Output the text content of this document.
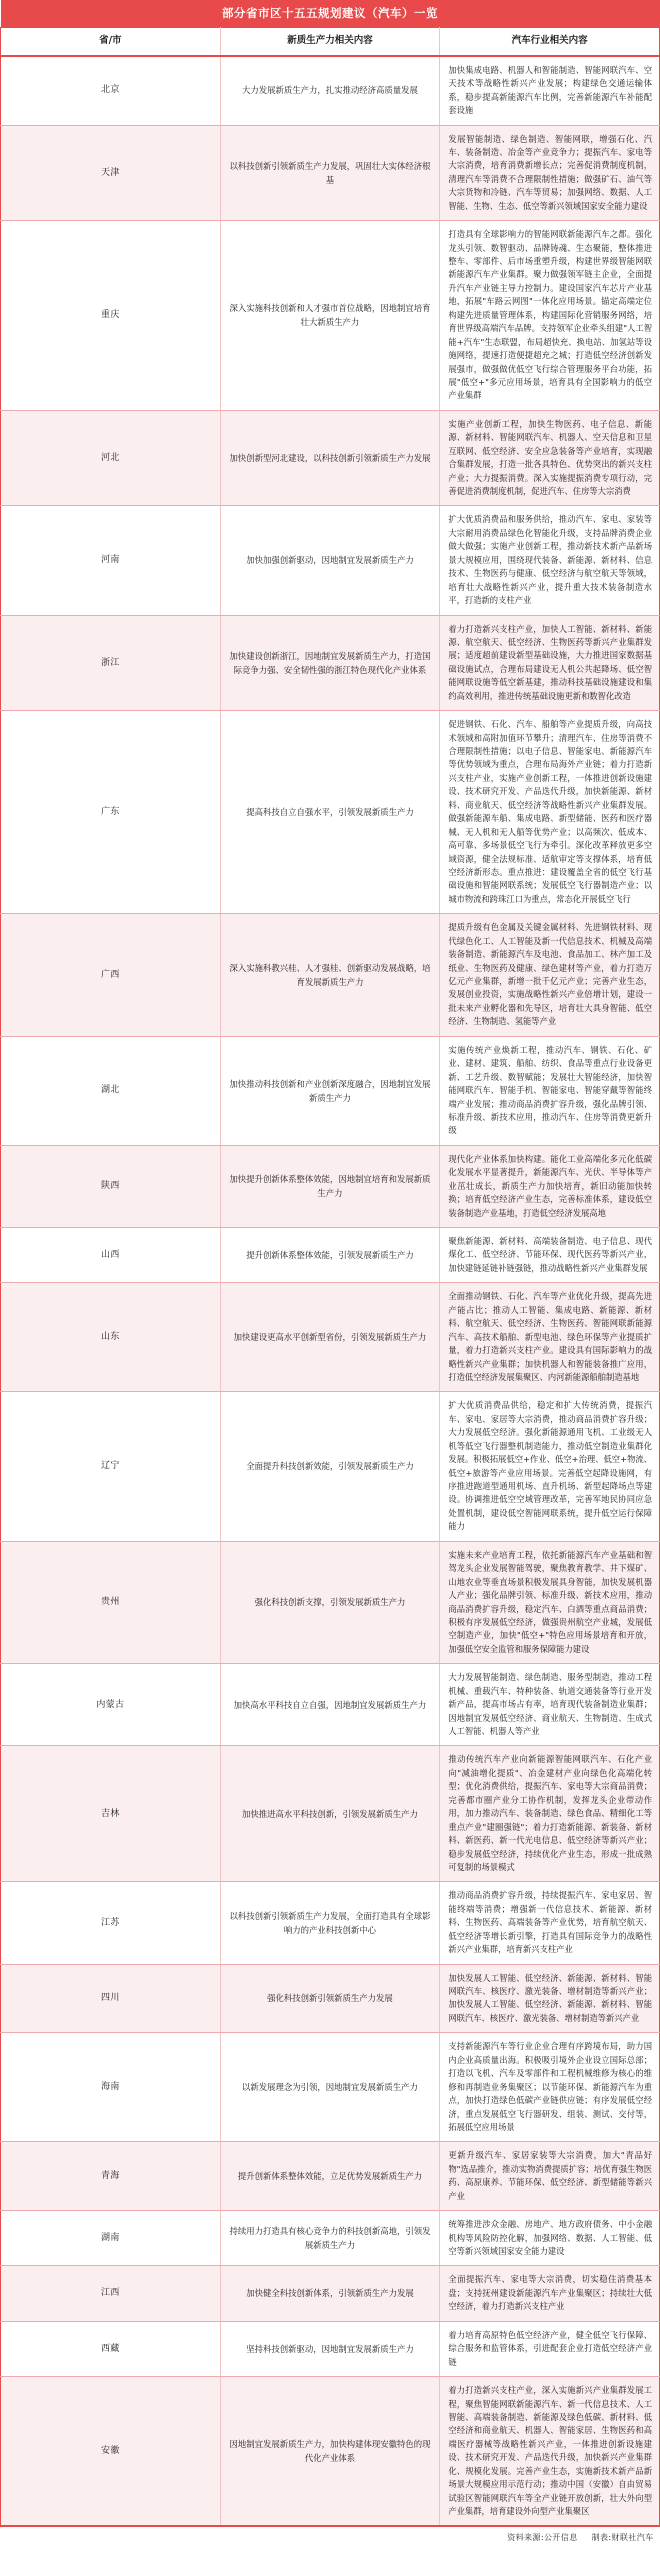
部分省市区十五五规划建议（汽车）一览		
省/市	新质生产力相关内容	汽车行业相关内容
北京	大力发展新质生产力，扎实推动经济高质量发展	加快集成电路、机器人和智能制造、智能网联汽车、空天技术等战略性新兴产业发展；构建绿色交通运输体系，稳步提高新能源汽车比例，完善新能源汽车补能配套设施
天津	以科技创新引领新质生产力发展，巩固壮大实体经济根基	发展智能制造、绿色制造、智能网联，增强石化、汽车、装备制造、冶金等产业竞争力；提振汽车、家电等大宗消费，培育消费新增长点；完善促消费制度机制，清理汽车等消费不合理限制性措施；做强矿石、油气等大宗货物和冷链、汽车等贸易；加强网络、数据、人工智能、生物、生态、低空等新兴领域国家安全能力建设
重庆	深入实施科技创新和人才强市首位战略，因地制宜培育壮大新质生产力	打造具有全球影响力的智能网联新能源汽车之都。强化龙头引领、数智驱动、品牌铸魂、生态聚能，整体推进整车、零部件、后市场重塑升级，构建世界级智能网联新能源汽车产业集群。聚力做强领军链主企业，全面提升汽车产业链主导力控制力。建设国家汽车芯片产业基地，拓展"车路云网图"一体化应用场景。锚定高端定位构建先进质量管理体系，构建国际化营销服务网络，培育世界级高端汽车品牌。支持领军企业牵头组建"人工智能+汽车"生态联盟，布局超快充、换电站、加氢站等设施网络，提速打造便捷超充之城；打造低空经济创新发展强市，做强做优低空飞行综合管理服务平台功能，拓展"低空+"多元应用场景，培育具有全国影响力的低空产业集群
河北	加快创新型河北建设，以科技创新引领新质生产力发展	实施产业创新工程，加快生物医药、电子信息、新能源、新材料、智能网联汽车、机器人、空天信息和卫星互联网、低空经济、安全应急装备等产业培育，实现融合集群发展，打造一批各具特色、优势突出的新兴支柱产业；大力提振消费。深入实施提振消费专项行动，完善促进消费制度机制，促进汽车、住房等大宗消费
河南	加快加强创新驱动，因地制宜发展新质生产力	扩大优质消费品和服务供给，推动汽车、家电、家装等大宗耐用消费品绿色化智能化升级，支持品牌消费企业做大做强；实施产业创新工程，推动新技术新产品新场景大规模应用，围绕现代装备、新能源、新材料、信息技术、生物医药与健康、低空经济与航空航天等领域，培育壮大战略性新兴产业，提升重大技术装备制造水平，打造新的支柱产业
浙江	加快建设创新浙江，因地制宜发展新质生产力，打造国际竞争力强、安全韧性强的浙江特色现代化产业体系	着力打造新兴支柱产业，加快人工智能、新材料、新能源、航空航天、低空经济、生物医药等新兴产业集群发展；适度超前建设新型基础设施，大力推进国家数据基础设施试点，合理布局建设无人机公共起降场、低空智能网联设施等低空新基建，推动科技基础设施建设和集约高效利用，推进传统基础设施更新和数智化改造
广东	提高科技自立自强水平，引领发展新质生产力	促进钢铁、石化、汽车、船舶等产业提质升级，向高技术领域和高附加值环节攀升；清理汽车、住房等消费不合理限制性措施；以电子信息、智能家电、新能源汽车等优势领域为重点，合理布局海外产业链；着力打造新兴支柱产业，实施产业创新工程，一体推进创新设施建设、技术研究开发、产品迭代升级，加快新能源、新材料、商业航天、低空经济等战略性新兴产业集群发展。做强新能源车船、集成电路、新型储能、医药和医疗器械、无人机和无人船等优势产业；以高频次、低成本、高可靠、多场景低空飞行为牵引。深化改革释放更多空域资源，健全法规标准、适航审定等支撑体系，培育低空经济新形态。重点推进：建设覆盖全省的低空飞行基础设施和智能网联系统；发展低空飞行器制造产业；以城市物流和跨珠江口为重点，常态化开展低空飞行
广西	深入实施科教兴桂、人才强桂、创新驱动发展战略，培育发展新质生产力	提质升级有色金属及关键金属材料、先进钢铁材料、现代绿色化工、人工智能及新一代信息技术、机械及高端装备制造、新能源汽车及电池、食品加工、林产加工及纸业、生物医药及健康、绿色建材等产业，着力打造万亿元产业集群，新增一批千亿元产业；完善产业生态，发展创业投资，实施战略性新兴产业倍增计划，建设一批未来产业孵化器和先导区，培育壮大具身智能、低空经济、生物制造、氢能等产业
湖北	加快推动科技创新和产业创新深度融合，因地制宜发展新质生产力	实施传统产业焕新工程，推动汽车、钢铁、石化、矿业、建材、建筑、船舶、纺织、食品等重点行业设备更新、工艺升级、数智赋能；发展壮大智能经济，加快智能网联汽车、智能手机、智能家电、智能穿戴等智能终端产业发展；推动商品消费扩容升级，强化品牌引领、标准升级、新技术应用，推动汽车、住房等消费更新升级
陕西	加快提升创新体系整体效能，因地制宜培育和发展新质生产力	现代化产业体系加快构建。能化工业高端化多元化低碳化发展水平显著提升，新能源汽车、光伏、半导体等产业茁壮成长，新质生产力加快培育，新旧动能加快转换；培育低空经济产业生态，完善标准体系，建设低空装备制造产业基地，打造低空经济发展高地
山西	提升创新体系整体效能，引领发展新质生产力	聚焦新能源、新材料、高端装备制造、电子信息、现代煤化工、低空经济、节能环保、现代医药等新兴产业，加快建链延链补链强链，推动战略性新兴产业集群发展
山东	加快建设更高水平创新型省份，引领发展新质生产力	全面推动钢铁、石化、汽车等产业优化升级，提高先进产能占比；推动人工智能、集成电路、新能源、新材料、航空航天、低空经济、生物医药、智能网联新能源汽车、高技术船舶、新型电池、绿色环保等产业提质扩量，着力打造新兴支柱产业。建设具有国际影响力的战略性新兴产业集群；加快机器人和智能装备推广应用，打造低空经济发展集聚区、内河新能源船舶制造基地
辽宁	全面提升科技创新效能，引领发展新质生产力	扩大优质消费品供给，稳定和扩大传统消费，提振汽车、家电、家居等大宗消费，推动商品消费扩容升级；大力发展低空经济。强化新能源通用飞机、工业级无人机等低空飞行器整机制造能力，推动低空制造业集群化发展。积极拓展低空+作业、低空+治理、低空+物流、低空+旅游等产业应用场景。完善低空起降设施网，有序推进跑道型通用机场、直升机场、新型起降场点等建设。协调推进低空空域管理改革，完善军地民协同应急处置机制，建设低空智能网联系统，提升低空运行保障能力
贵州	强化科技创新支撑，引领发展新质生产力	实施未来产业培育工程，依托新能源汽车产业基础和智驾龙头企业发展智能驾驶，聚焦教育教学、井下煤矿、山地农业等垂直场景积极发展具身智能，加快发展机器人产业；强化品牌引领、标准升级、新技术应用，推动商品消费扩容升级，稳定汽车、白酒等重点商品消费；积极有序发展低空经济，做强贵州航空产业城，发展低空制造产业，加快"低空+"特色应用场景培育和开放，加强低空安全监管和服务保障能力建设
内蒙古	加快高水平科技自立自强，因地制宜发展新质生产力	大力发展智能制造、绿色制造、服务型制造，推动工程机械、重载汽车、特种装备、轨道交通装备等行业开发新产品，提高市场占有率，培育现代装备制造业集群；因地制宜发展低空经济、商业航天、生物制造、生成式人工智能、机器人等产业
吉林	加快推进高水平科技创新，引领发展新质生产力	推动传统汽车产业向新能源智能网联汽车、石化产业向"减油增化提质"、冶金建材产业向绿色化高端化转型；优化消费供给，提振汽车、家电等大宗商品消费；完善都市圈产业分工协作机制，发挥龙头企业带动作用，加力推动汽车、装备制造、绿色食品、精细化工等重点产业"建圈强链"；着力打造新能源、新装备、新材料、新医药、新一代光电信息、低空经济等新兴产业；稳步发展低空经济，持续优化产业生态，形成一批成熟可复制的场景模式
江苏	以科技创新引领新质生产力发展，全面打造具有全球影响力的产业科技创新中心	推动商品消费扩容升级，持续提振汽车、家电家居、智能终端等消费；增强新一代信息技术、新能源、新材料、生物医药、高端装备等产业优势，培育航空航天、低空经济等增长新引擎，打造具有国际竞争力的战略性新兴产业集群，培育新兴支柱产业
四川	强化科技创新引领新质生产力发展	加快发展人工智能、低空经济、新能源、新材料、智能网联汽车、核医疗、激光装备、增材制造等新兴产业；加快发展人工智能、低空经济、新能源、新材料、智能网联汽车、核医疗、激光装备、增材制造等新兴产业
海南	以新发展理念为引领，因地制宜发展新质生产力	支持新能源汽车等行业企业合理有序跨境布局，助力国内企业高质量出海。积极吸引境外企业设立国际总部；打造以飞机、汽车及零部件和工程机械维修为核心的维修和再制造业务集聚区；以节能环保、新能源汽车为重点，加快打造绿色低碳产业链供应链；有序发展低空经济，重点发展低空飞行器研发、组装、测试、交付等，拓展低空应用场景
青海	提升创新体系整体效能，立足优势发展新质生产力	更新升级汽车、家居家装等大宗消费，加大"青品好物"选品推介，推动实物消费提质扩容；培优育强生物医药、高原康养、节能环保、低空经济、新型储能等新兴产业
湖南	持续用力打造具有核心竞争力的科技创新高地，引领发展新质生产力	统筹推进涉众金融、房地产、地方政府债务、中小金融机构等风险防控化解，加强网络、数据、人工智能、低空等新兴领域国家安全能力建设
江西	加快健全科技创新体系，引领新质生产力发展	全面提振汽车、家电等大宗消费，切实稳住消费基本盘；支持抚州建设新能源汽车产业集聚区；持续壮大低空经济，着力打造新兴支柱产业
西藏	坚持科技创新驱动，因地制宜发展新质生产力	着力培育高原特色低空经济产业，健全低空飞行保障、综合服务和监管体系，引进配套企业打造低空经济产业链
安徽	因地制宜发展新质生产力，加快构建体现安徽特色的现代化产业体系	着力打造新兴支柱产业，深入实施新兴产业集群发展工程，聚焦智能网联新能源汽车、新一代信息技术、人工智能、高端装备制造、新能源及绿色低碳、新材料、低空经济和商业航天、机器人、智能家居、生物医药和高端医疗器械等战略性新兴产业，一体推进创新设施建设、技术研究开发、产品迭代升级，加快新兴产业集群化、规模化发展。完善产业生态，实施新技术新产品新场景大规模应用示范行动；推动中国（安徽）自由贸易试验区智能网联汽车等全产业链开放创新，壮大外向型产业集群，培育建设外向型产业集聚区
资料来源:公开信息 制表:财联社汽车		
